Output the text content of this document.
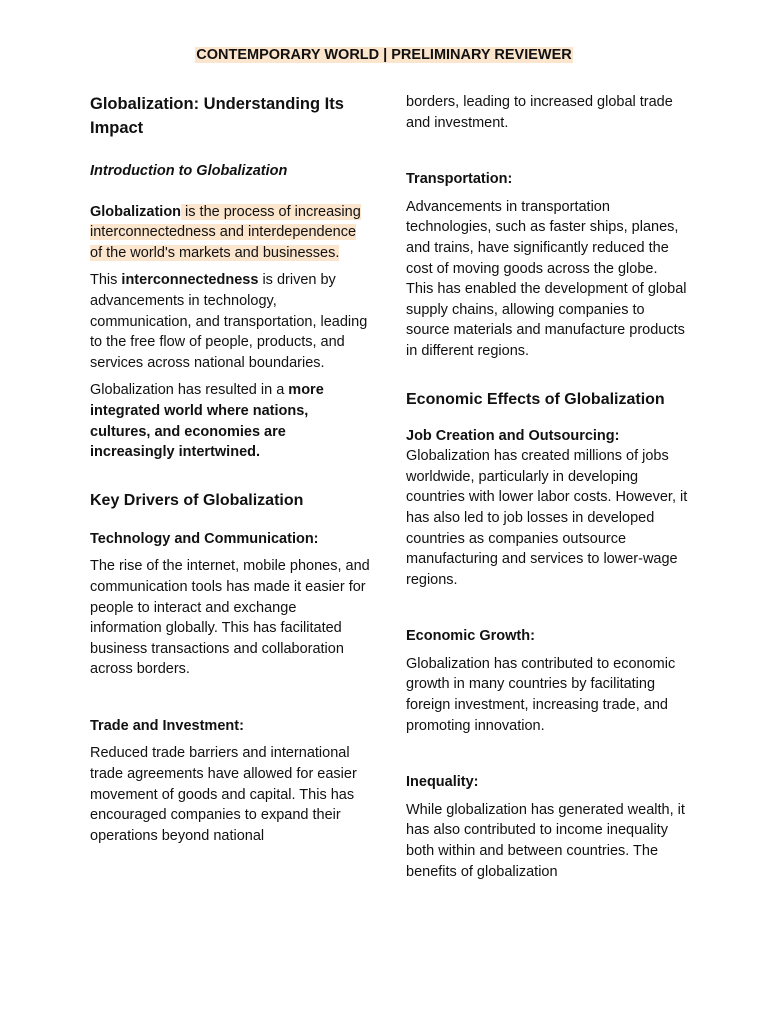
CONTEMPORARY WORLD | PRELIMINARY REVIEWER

Globalization: Understanding Its Impact

Introduction to Globalization

Globalization is the process of increasing interconnectedness and interdependence of the world's markets and businesses.

This interconnectedness is driven by advancements in technology, communication, and transportation, leading to the free flow of people, products, and services across national boundaries.

Globalization has resulted in a more integrated world where nations, cultures, and economies are increasingly intertwined.

Key Drivers of Globalization

Technology and Communication:

The rise of the internet, mobile phones, and communication tools has made it easier for people to interact and exchange information globally. This has facilitated business transactions and collaboration across borders.

Trade and Investment:

Reduced trade barriers and international trade agreements have allowed for easier movement of goods and capital. This has encouraged companies to expand their operations beyond national

borders, leading to increased global trade and investment.

Transportation:

Advancements in transportation technologies, such as faster ships, planes, and trains, have significantly reduced the cost of moving goods across the globe. This has enabled the development of global supply chains, allowing companies to source materials and manufacture products in different regions.

Economic Effects of Globalization

Job Creation and Outsourcing:

Globalization has created millions of jobs worldwide, particularly in developing countries with lower labor costs. However, it has also led to job losses in developed countries as companies outsource manufacturing and services to lower-wage regions.

Economic Growth:

Globalization has contributed to economic growth in many countries by facilitating foreign investment, increasing trade, and promoting innovation.

Inequality:

While globalization has generated wealth, it has also contributed to income inequality both within and between countries. The benefits of globalization
